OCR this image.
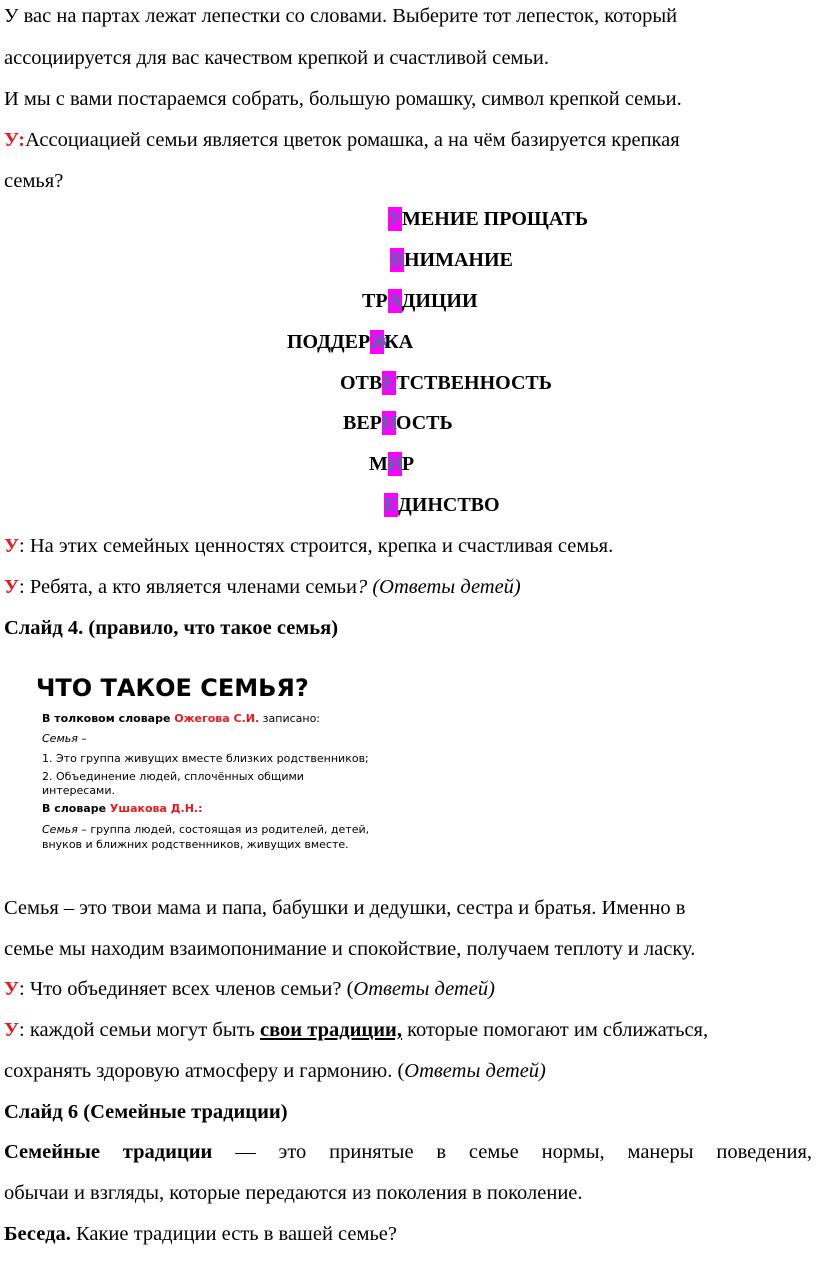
У вас на партах лежат лепестки со словами. Выберите тот лепесток, который
ассоциируется для вас качеством крепкой и счастливой семьи.
И мы с вами постараемся собрать, большую ромашку, символ крепкой семьи.
У:Ассоциацией семьи является цветок ромашка, а на чём базируется крепкая
семья?
УМЕНИЕ ПРОЩАТЬ
ВНИМАНИЕ
ТРАДИЦИИ
ПОДДЕРЖКА
ОТВЕТСТВЕННОСТЬ
ВЕРНОСТЬ
МИР
ЕДИНСТВО
У: На этих семейных ценностях строится, крепка и счастливая семья.
У: Ребята, а кто является членами семьи? (Ответы детей)
Слайд 4. (правило, что такое семья)
ЧТО ТАКОЕ СЕМЬЯ?
В толковом словаре Ожегова С.И. записано:
Семья –
1. Это группа живущих вместе близких родственников;
2. Объединение людей, сплочённых общими
интересами.
В словаре Ушакова Д.Н.:
Семья – группа людей, состоящая из родителей, детей,
внуков и ближних родственников, живущих вместе.
Семья – это твои мама и папа, бабушки и дедушки, сестра и братья. Именно в
семье мы находим взаимопонимание и спокойствие, получаем теплоту и ласку.
У: Что объединяет всех членов семьи? (Ответы детей)
У: каждой семьи могут быть свои традиции, которые помогают им сближаться,
сохранять здоровую атмосферу и гармонию. (Ответы детей)
Слайд 6 (Семейные традиции)
Семейные традиции — это принятые в семье нормы, манеры поведения,
обычаи и взгляды, которые передаются из поколения в поколение.
Беседа. Какие традиции есть в вашей семье?
